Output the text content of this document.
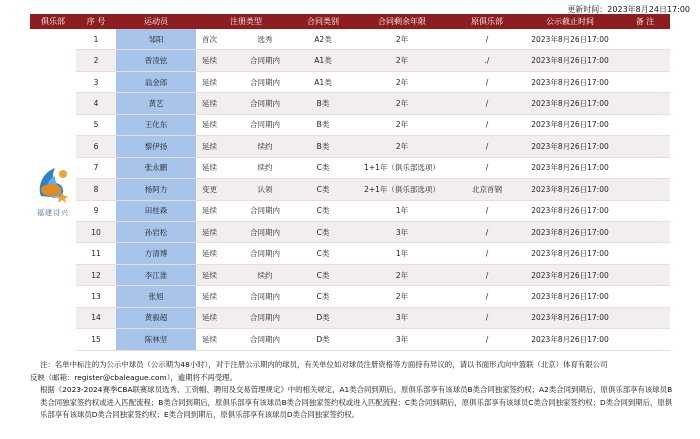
更新时间：2023年8月24日17:00
俱乐部	序 号	运动员	注册类型	合同类别	合同剩余年限	原俱乐部	公示截止时间	备 注

福建浔兴	1	邹阳	首次 选秀	A2类	2年	/	2023年8月26日17:00	
	2	曾凌铉	延续 合同期内	A1类	2年	./	2023年8月26日17:00	
	3	翁金郎	延续 合同期内	A1类	2年	/	2023年8月26日17:00	
	4	黄艺	延续 合同期内	B类	2年	/	2023年8月26日17:00	
	5	王化东	延续 合同期内	B类	2年	/	2023年8月26日17:00	
	6	黎伊扬	延续 续约	B类	2年	/	2023年8月26日17:00	
	7	张永鹏	延续 续约	C类	1+1年（俱乐部选项）	/	2023年8月26日17:00	
	8	杨阿力	变更 认领	C类	2+1年（俱乐部选项）	北京首钢	2023年8月26日17:00	
	9	田桂森	延续 合同期内	C类	1年	/	2023年8月26日17:00	
	10	孙岩松	延续 合同期内	C类	3年	/	2023年8月26日17:00	
	11	方清博	延续 合同期内	C类	1年	/	2023年8月26日17:00	
	12	李江淮	延续 续约	C类	2年	/	2023年8月26日17:00	
	13	张旭	延续 合同期内	C类	2年	/	2023年8月26日17:00	
	14	黄毅超	延续 合同期内	D类	3年	/	2023年8月26日17:00	
	15	陈林坚	延续 合同期内	D类	3年	/	2023年8月26日17:00	

注：名单中标注的为公示中球员（公示期为48小时），对于注册公示期内的球员，有关单位如对球员注册资格等方面持有异议的，请以书面形式向中篮联（北京）体育有限公司

反映（邮箱：register@cbaleague.com），逾期将不再受理。

根据《2023-2024赛季CBA联赛球员选秀、工资帽、聘用及交易管理规定》中的相关规定，A1类合同到期后，原俱乐部享有该球员B类合同独家签约权；A2类合同到期后，原俱乐部享有该球员B类合同独家签约权或进入匹配流程；B类合同到期后，原俱乐部享有该球员B类合同独家签约权或进入匹配流程；C类合同到期后，原俱乐部享有该球员C类合同独家签约权；D类合同到期后，原俱乐部享有该球员D类合同独家签约权；E类合同到期后，原俱乐部享有该球员D类合同独家签约权。
